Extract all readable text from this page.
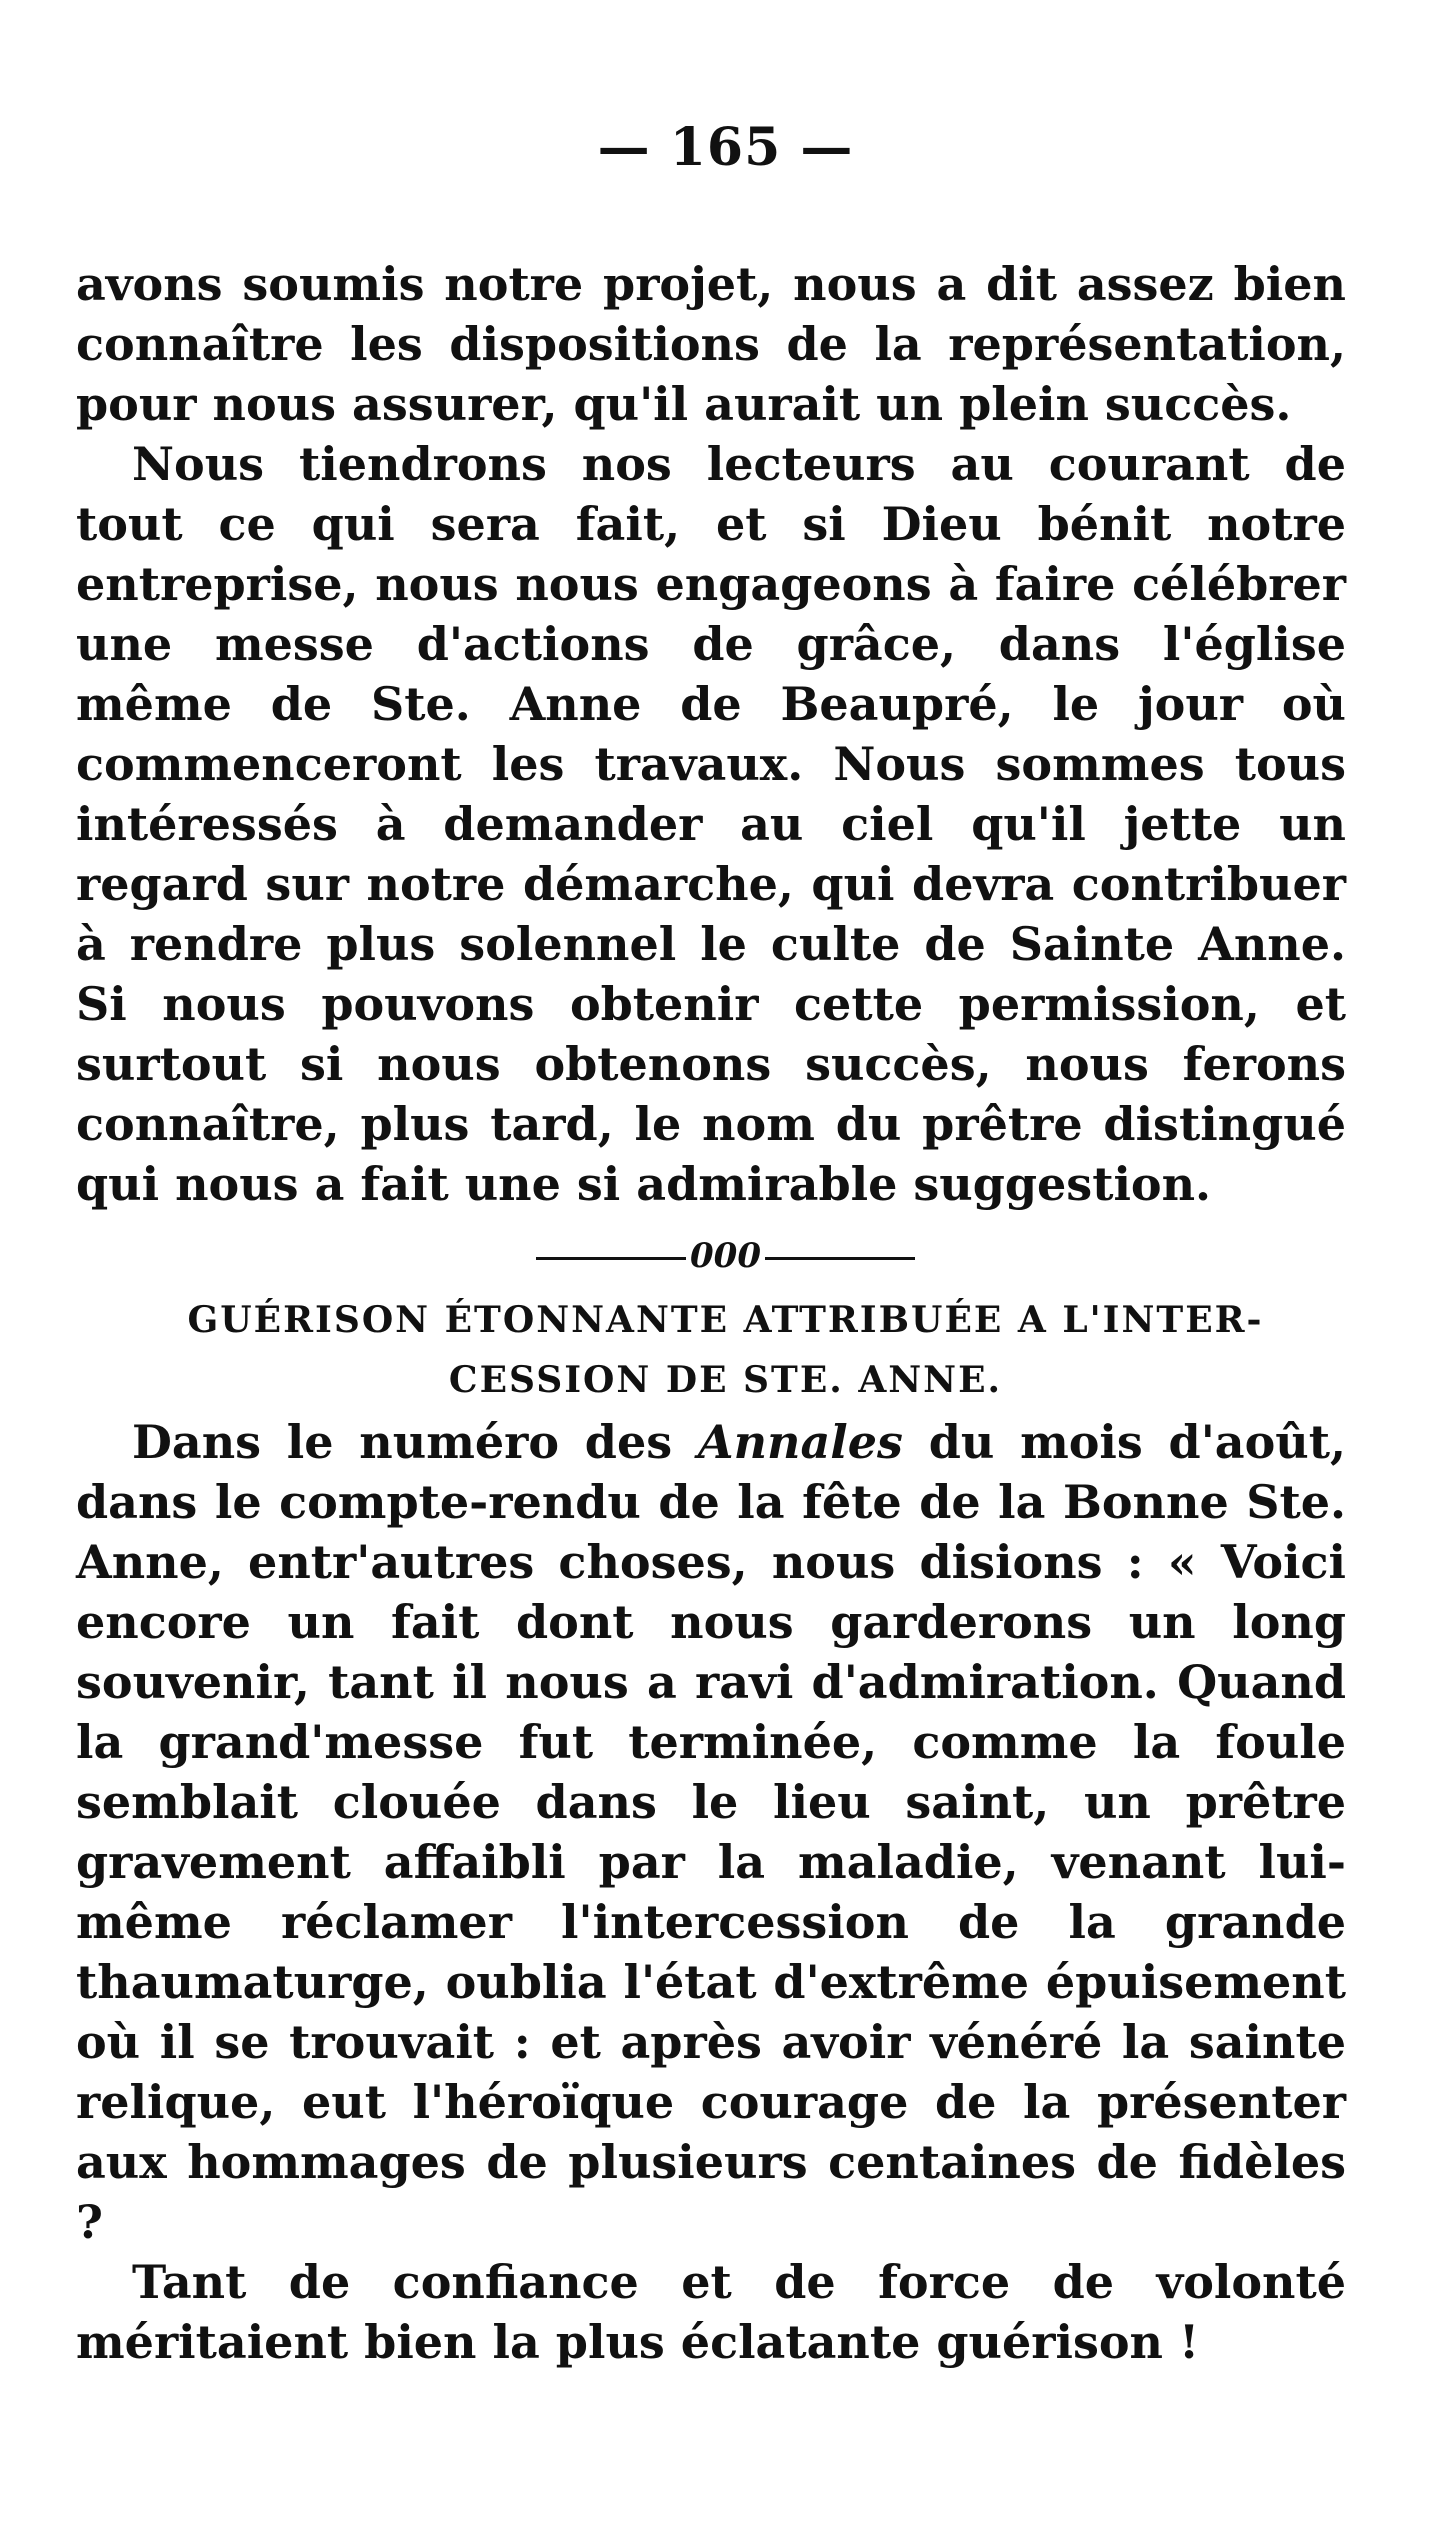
— 165 —

avons soumis notre projet, nous a dit assez bien connaître les dispositions de la représentation, pour nous assurer, qu'il aurait un plein succès.

Nous tiendrons nos lecteurs au courant de tout ce qui sera fait, et si Dieu bénit notre entreprise, nous nous engageons à faire célébrer une messe d'actions de grâce, dans l'église même de Ste. Anne de Beaupré, le jour où commenceront les travaux. Nous sommes tous intéressés à demander au ciel qu'il jette un regard sur notre démarche, qui devra contribuer à rendre plus solennel le culte de Sainte Anne. Si nous pouvons obtenir cette permission, et surtout si nous obtenons succès, nous ferons connaître, plus tard, le nom du prêtre distingué qui nous a fait une si admirable suggestion.

000

GUÉRISON ÉTONNANTE ATTRIBUÉE A L'INTER-

CESSION DE STE. ANNE.

Dans le numéro des Annales du mois d'août, dans le compte-rendu de la fête de la Bonne Ste. Anne, entr'autres choses, nous disions : « Voici encore un fait dont nous garderons un long souvenir, tant il nous a ravi d'admiration. Quand la grand'messe fut terminée, comme la foule semblait clouée dans le lieu saint, un prêtre gravement affaibli par la maladie, venant lui-même réclamer l'intercession de la grande thaumaturge, oublia l'état d'extrême épuisement où il se trouvait : et après avoir vénéré la sainte relique, eut l'héroïque courage de la présenter aux hommages de plusieurs centaines de fidèles ?

Tant de confiance et de force de volonté méritaient bien la plus éclatante guérison !
